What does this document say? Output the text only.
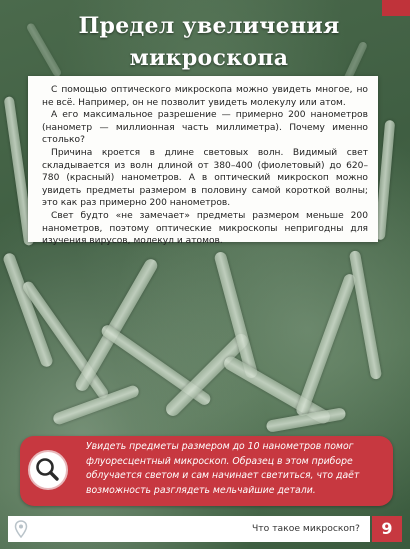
Предел увеличения
микроскопа

С помощью оптического микроскопа можно увидеть многое, но не всё. Например, он не позволит увидеть молекулу или атом.

А его максимальное разрешение — примерно 200 нанометров (нанометр — миллионная часть миллиметра). Почему именно столько?

Причина кроется в длине световых волн. Видимый свет складывается из волн длиной от 380–400 (фиолетовый) до 620–780 (красный) нанометров. А в оптический микроскоп можно увидеть предметы размером в половину самой короткой волны; это как раз примерно 200 нанометров.

Свет будто «не замечает» предметы размером меньше 200 нанометров, поэтому оптические микроскопы непригодны для изучения вирусов, молекул и атомов.

Увидеть предметы размером до 10 нанометров помог флуоресцентный микроскоп. Образец в этом приборе облучается светом и сам начинает светиться, что даёт возможность разглядеть мельчайшие детали.
Что такое микроскоп?	9
